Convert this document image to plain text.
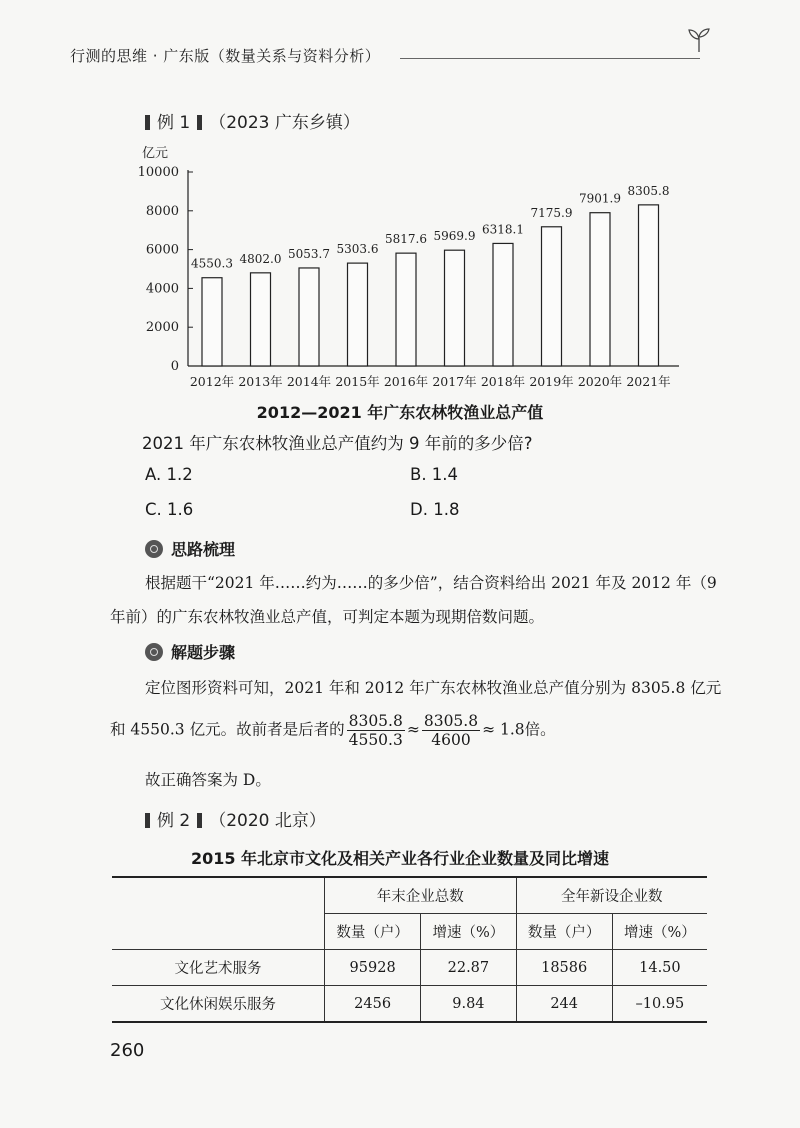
行测的思维 · 广东版（数量关系与资料分析）
例 1 （2023 广东乡镇）
亿元
0
2000
4000
6000
8000
10000
2012年 2013年 2014年 2015年 2016年 2017年 2018年 2019年 2020年 2021年
4550.3 4802.0 5053.7 5303.6
5817.6 5969.9 6318.1
7175.9
7901.9
8305.8
2012—2021 年广东农林牧渔业总产值
2021 年广东农林牧渔业总产值约为 9 年前的多少倍?
A. 1.2	B. 1.4
C. 1.6	D. 1.8
思路梳理
根据题干“2021 年……约为……的多少倍”，结合资料给出 2021 年及 2012 年（9
年前）的广东农林牧渔业总产值，可判定本题为现期倍数问题。
解题步骤
定位图形资料可知，2021 年和 2012 年广东农林牧渔业总产值分别为 8305.8 亿元
和 4550.3 亿元。故前者是后者的 $\frac{8305.8}{4550.3} \approx \frac{8305.8}{4600} \approx 1.8$倍。
故正确答案为 D。
例 2 （2020 北京）
2015 年北京市文化及相关产业各行业企业数量及同比增速
	年末企业总数		全年新设企业数	
	数量（户）	增速（%）	数量（户）	增速（%）
文化艺术服务	95928	22.87	18586	14.50
文化休闲娱乐服务	2456	9.84	244	–10.95
260
